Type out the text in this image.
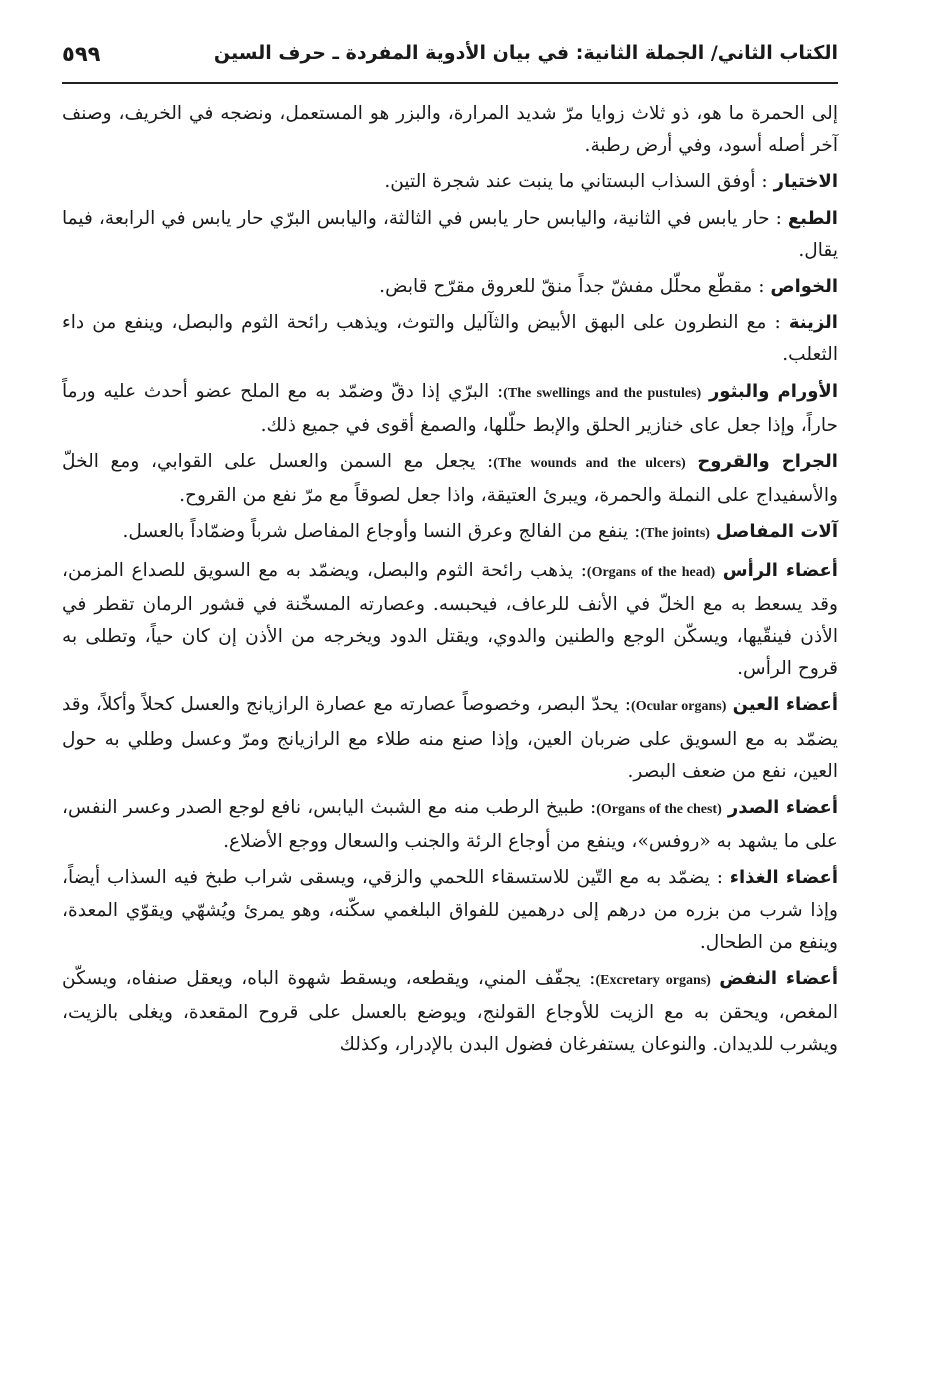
الكتاب الثاني/ الجملة الثانية: في بيان الأدوية المفردة ـ حرف السين
٥٩٩

إلى الحمرة ما هو، ذو ثلاث زوايا مرّ شديد المرارة، والبزر هو المستعمل، ونضجه في الخريف، وصنف آخر أصله أسود، وفي أرض رطبة.

الاختيار : أوفق السذاب البستاني ما ينبت عند شجرة التين.

الطبع : حار يابس في الثانية، واليابس حار يابس في الثالثة، واليابس البرّي حار يابس في الرابعة، فيما يقال.

الخواص : مقطّع محلّل مفشّ جداً منقّ للعروق مقرّح قابض.

الزينة : مع النطرون على البهق الأبيض والثآليل والتوث، ويذهب رائحة الثوم والبصل، وينفع من داء الثعلب.

الأورام والبثور (The swellings and the pustules): البرّي إذا دقّ وضمّد به مع الملح عضو أحدث عليه ورماً حاراً، وإذا جعل عاى خنازير الحلق والإبط حلّلها، والصمغ أقوى في جميع ذلك.

الجراح والقروح (The wounds and the ulcers): يجعل مع السمن والعسل على القوابي، ومع الخلّ والأسفيداج على النملة والحمرة، ويبرئ العتيقة، واذا جعل لصوقاً مع مرّ نفع من القروح.

آلات المفاصل (The joints): ينفع من الفالج وعرق النسا وأوجاع المفاصل شرباً وضمّاداً بالعسل.

أعضاء الرأس (Organs of the head): يذهب رائحة الثوم والبصل، ويضمّد به مع السويق للصداع المزمن، وقد يسعط به مع الخلّ في الأنف للرعاف، فيحبسه. وعصارته المسخّنة في قشور الرمان تقطر في الأذن فينقّيها، ويسكّن الوجع والطنين والدوي، ويقتل الدود ويخرجه من الأذن إن كان حياً، وتطلى به قروح الرأس.

أعضاء العين (Ocular organs): يحدّ البصر، وخصوصاً عصارته مع عصارة الرازيانج والعسل كحلاً وأكلاً، وقد يضمّد به مع السويق على ضربان العين، وإذا صنع منه طلاء مع الرازيانج ومرّ وعسل وطلي به حول العين، نفع من ضعف البصر.

أعضاء الصدر (Organs of the chest): طبيخ الرطب منه مع الشبث اليابس، نافع لوجع الصدر وعسر النفس، على ما يشهد به «روفس»، وينفع من أوجاع الرئة والجنب والسعال ووجع الأضلاع.

أعضاء الغذاء : يضمّد به مع التّين للاستسقاء اللحمي والزقي، ويسقى شراب طبخ فيه السذاب أيضاً، وإذا شرب من بزره من درهم إلى درهمين للفواق البلغمي سكّنه، وهو يمرئ ويُشهّي ويقوّي المعدة، وينفع من الطحال.

أعضاء النفض (Excretary organs): يجفّف المني، ويقطعه، ويسقط شهوة الباه، ويعقل صنفاه، ويسكّن المغص، ويحقن به مع الزيت للأوجاع القولنج، ويوضع بالعسل على قروح المقعدة، ويغلى بالزيت، ويشرب للديدان. والنوعان يستفرغان فضول البدن بالإدرار، وكذلك
